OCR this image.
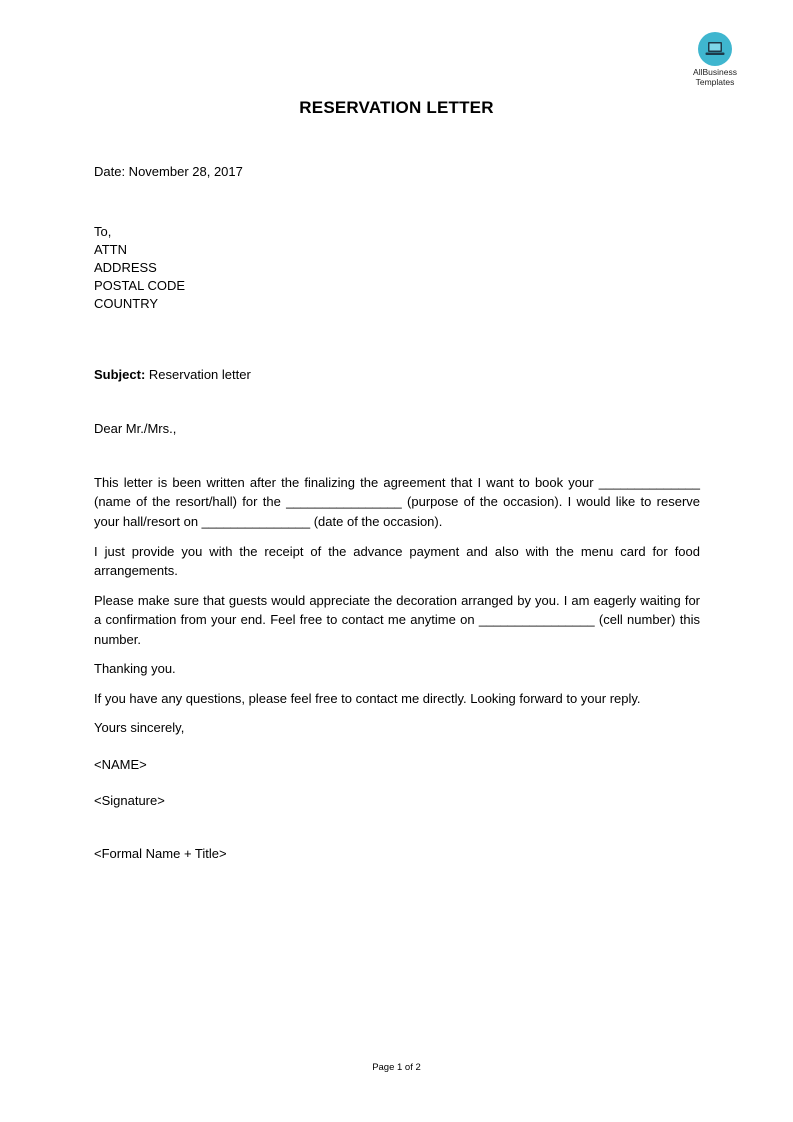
AllBusiness
Templates
RESERVATION LETTER
Date: November 28, 2017
To,
ATTN
ADDRESS
POSTAL CODE
COUNTRY
Subject: Reservation letter
Dear Mr./Mrs.,
This letter is been written after the finalizing the agreement that I want to book your ______________ (name of the resort/hall) for the ________________ (purpose of the occasion). I would like to reserve your hall/resort on _______________ (date of the occasion).
I just provide you with the receipt of the advance payment and also with the menu card for food arrangements.
Please make sure that guests would appreciate the decoration arranged by you. I am eagerly waiting for a confirmation from your end. Feel free to contact me anytime on ________________ (cell number) this number.
Thanking you.
If you have any questions, please feel free to contact me directly. Looking forward to your reply.
Yours sincerely,
<NAME>
<Signature>
<Formal Name + Title>
Page 1 of 2
